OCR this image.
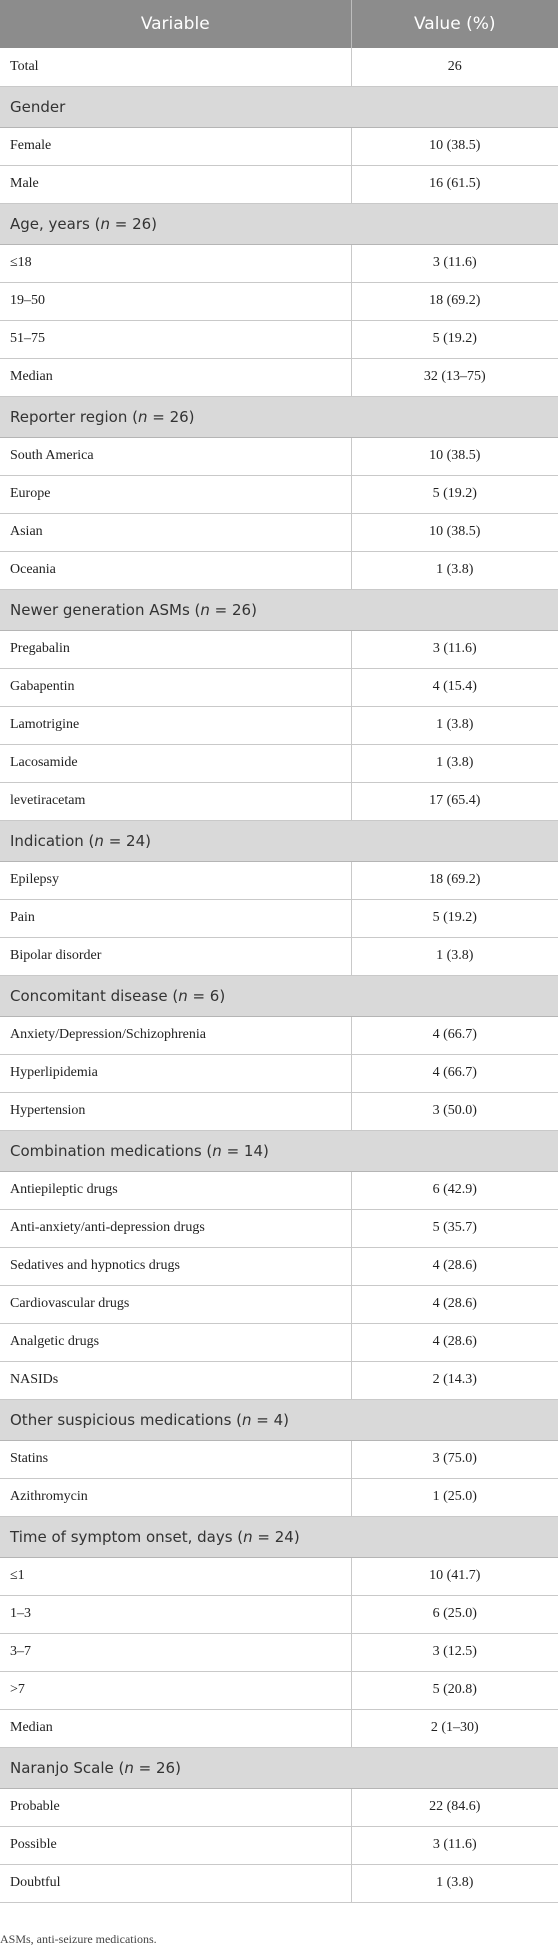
Variable	Value (%)
Total	26
Gender	
Female	10 (38.5)
Male	16 (61.5)
Age, years (n = 26)	
≤18	3 (11.6)
19–50	18 (69.2)
51–75	5 (19.2)
Median	32 (13–75)
Reporter region (n = 26)	
South America	10 (38.5)
Europe	5 (19.2)
Asian	10 (38.5)
Oceania	1 (3.8)
Newer generation ASMs (n = 26)	
Pregabalin	3 (11.6)
Gabapentin	4 (15.4)
Lamotrigine	1 (3.8)
Lacosamide	1 (3.8)
levetiracetam	17 (65.4)
Indication (n = 24)	
Epilepsy	18 (69.2)
Pain	5 (19.2)
Bipolar disorder	1 (3.8)
Concomitant disease (n = 6)	
Anxiety/Depression/Schizophrenia	4 (66.7)
Hyperlipidemia	4 (66.7)
Hypertension	3 (50.0)
Combination medications (n = 14)	
Antiepileptic drugs	6 (42.9)
Anti-anxiety/anti-depression drugs	5 (35.7)
Sedatives and hypnotics drugs	4 (28.6)
Cardiovascular drugs	4 (28.6)
Analgetic drugs	4 (28.6)
NASIDs	2 (14.3)
Other suspicious medications (n = 4)	
Statins	3 (75.0)
Azithromycin	1 (25.0)
Time of symptom onset, days (n = 24)	
≤1	10 (41.7)
1–3	6 (25.0)
3–7	3 (12.5)
>7	5 (20.8)
Median	2 (1–30)
Naranjo Scale (n = 26)	
Probable	22 (84.6)
Possible	3 (11.6)
Doubtful	1 (3.8)
ASMs, anti-seizure medications.
